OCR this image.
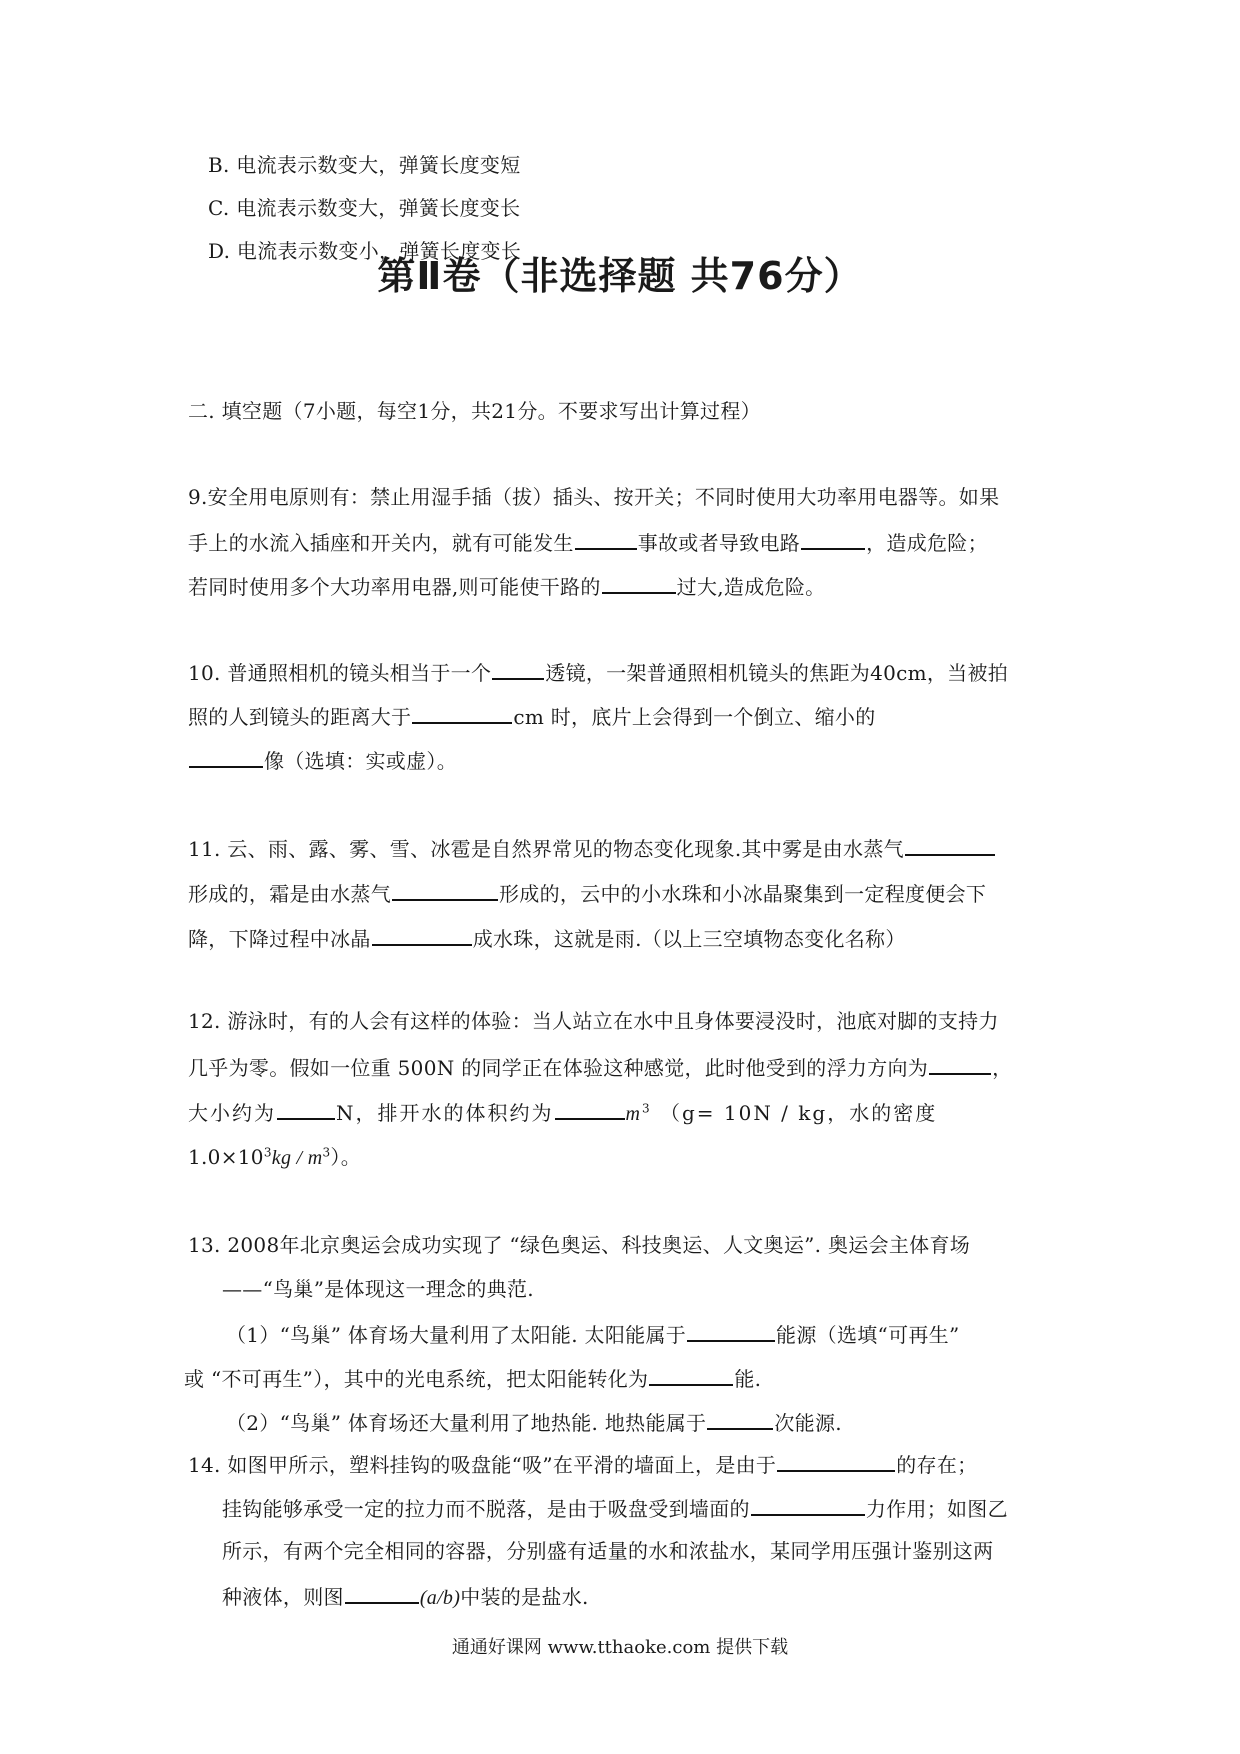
B. 电流表示数变大，弹簧长度变短
C. 电流表示数变大，弹簧长度变长
D. 电流表示数变小，弹簧长度变长
第Ⅱ卷（非选择题 共76分）
二. 填空题（7小题，每空1分，共21分。不要求写出计算过程）
9.安全用电原则有：禁止用湿手插（拔）插头、按开关；不同时使用大功率用电器等。如果
手上的水流入插座和开关内，就有可能发生	事故或者导致电路	，造成危险；
若同时使用多个大功率用电器,则可能使干路的	过大,造成危险。
10. 普通照相机的镜头相当于一个	透镜，一架普通照相机镜头的焦距为40cm，当被拍
照的人到镜头的距离大于	cm 时，底片上会得到一个倒立、缩小的
像（选填：实或虚）。
11. 云、雨、露、雾、雪、冰雹是自然界常见的物态变化现象.其中雾是由水蒸气
形成的，霜是由水蒸气	形成的，云中的小水珠和小冰晶聚集到一定程度便会下
降，下降过程中冰晶	成水珠，这就是雨.（以上三空填物态变化名称）
12. 游泳时，有的人会有这样的体验：当人站立在水中且身体要浸没时，池底对脚的支持力
几乎为零。假如一位重 500N 的同学正在体验这种感觉，此时他受到的浮力方向为	，
大小约为	N，排开水的体积约为	$m^3$ （g= 10N / kg，水的密度
$1.0\times 10^3kg / m^3$）。
13. 2008年北京奥运会成功实现了 “绿色奥运、科技奥运、人文奥运”. 奥运会主体育场
——“鸟巢”是体现这一理念的典范.
（1）“鸟巢” 体育场大量利用了太阳能. 太阳能属于	能源（选填“可再生”
或 “不可再生”），其中的光电系统，把太阳能转化为	能.
（2）“鸟巢” 体育场还大量利用了地热能. 地热能属于	次能源.
14. 如图甲所示，塑料挂钩的吸盘能“吸”在平滑的墙面上，是由于	的存在；
挂钩能够承受一定的拉力而不脱落，是由于吸盘受到墙面的	力作用；如图乙
所示，有两个完全相同的容器，分别盛有适量的水和浓盐水，某同学用压强计鉴别这两
种液体，则图	(a/b)中装的是盐水.
通通好课网 www.tthaoke.com 提供下载
